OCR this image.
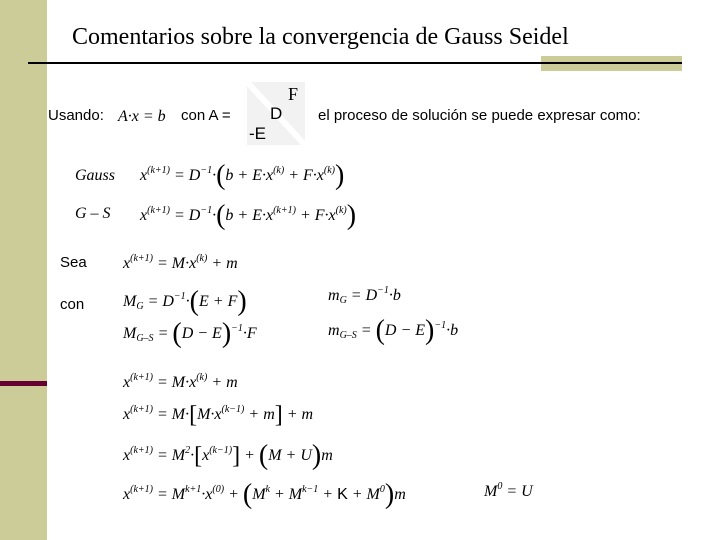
Comentarios sobre la convergencia de Gauss Seidel
Usando: A·x = b con A =
F
D
-E
el proceso de solución se puede expresar como:
Gauss $x^{(k+1)} = D^{-1}\cdot(b + E\cdot x^{(k)} + F\cdot x^{(k)})$
G – S $x^{(k+1)} = D^{-1}\cdot(b + E\cdot x^{(k+1)} + F\cdot x^{(k)})$
Sea $x^{(k+1)} = M\cdot x^{(k)} + m$
con MG = $D^{-1}\cdot(E + F)$	mG = $D^{-1}\cdot b$
$MG-S = (D - E)^{-1}\cdot F$	$mG-S = (D - E)^{-1}\cdot b$
$x^{(k+1)} = M\cdot x^{(k)} + m$
$x^{(k+1)} = M\cdot[M\cdot x^{(k-1)} + m] + m$
$x^{(k+1)} = M^2\cdot[x^{(k-1)}] + (M + U)m$
$x^{(k+1)} = M^{k+1}\cdot x^{(0)} + (M^k + M^{k-1} + K + M^0)m$	$M^0 = U$
